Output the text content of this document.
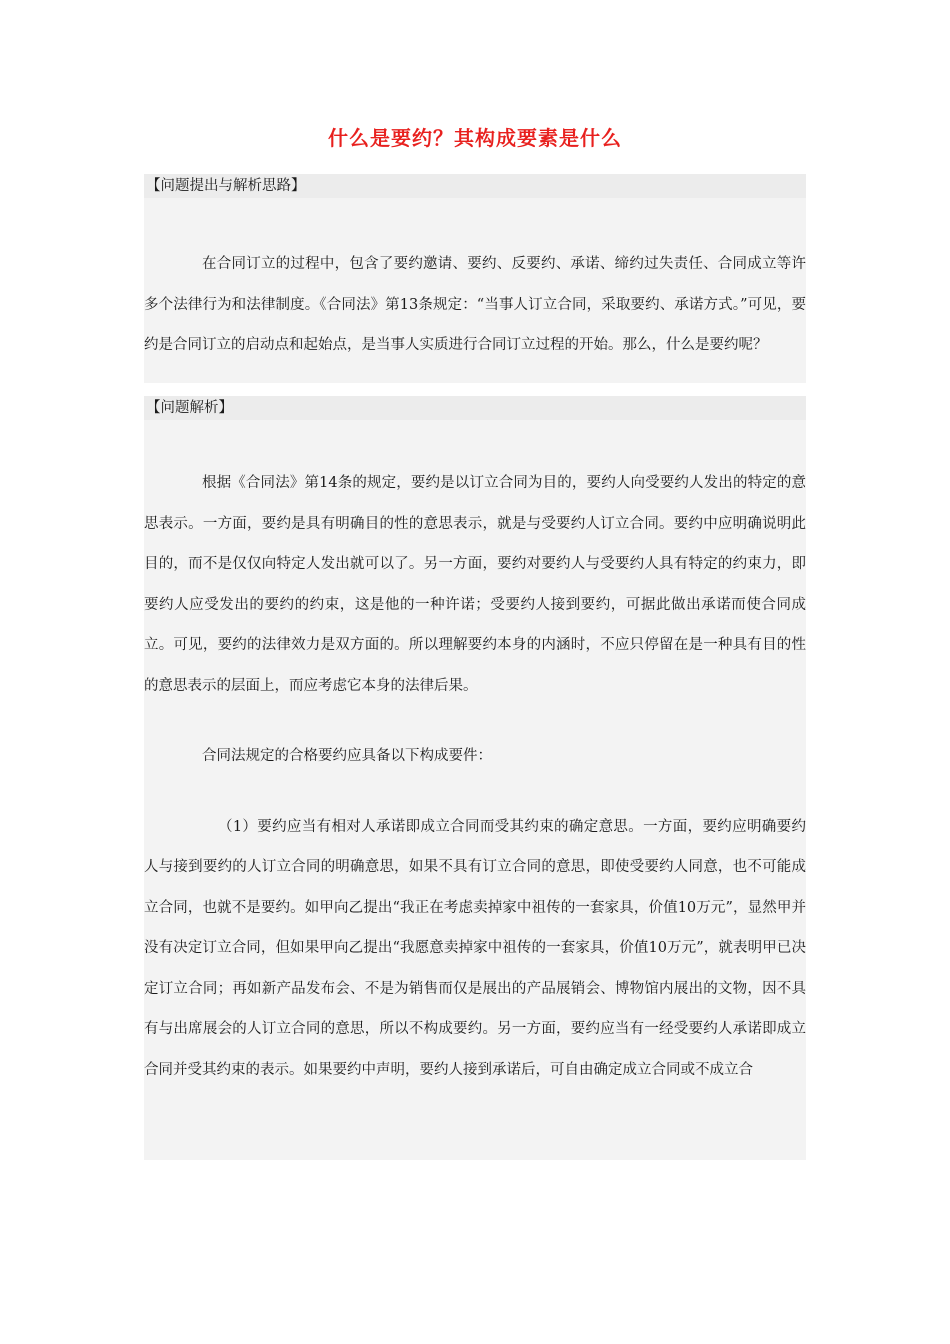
什么是要约？其构成要素是什么
【问题提出与解析思路】

在合同订立的过程中，包含了要约邀请、要约、反要约、承诺、缔约过失责任、合同成立等许多个法律行为和法律制度。《合同法》第13条规定：“当事人订立合同，采取要约、承诺方式。”可见，要约是合同订立的启动点和起始点，是当事人实质进行合同订立过程的开始。那么，什么是要约呢？

【问题解析】

根据《合同法》第14条的规定，要约是以订立合同为目的，要约人向受要约人发出的特定的意思表示。一方面，要约是具有明确目的性的意思表示，就是与受要约人订立合同。要约中应明确说明此目的，而不是仅仅向特定人发出就可以了。另一方面，要约对要约人与受要约人具有特定的约束力，即要约人应受发出的要约的约束，这是他的一种许诺；受要约人接到要约，可据此做出承诺而使合同成立。可见，要约的法律效力是双方面的。所以理解要约本身的内涵时，不应只停留在是一种具有目的性的意思表示的层面上，而应考虑它本身的法律后果。

合同法规定的合格要约应具备以下构成要件：

（1）要约应当有相对人承诺即成立合同而受其约束的确定意思。一方面，要约应明确要约人与接到要约的人订立合同的明确意思，如果不具有订立合同的意思，即使受要约人同意，也不可能成立合同，也就不是要约。如甲向乙提出“我正在考虑卖掉家中祖传的一套家具，价值10万元”，显然甲并没有决定订立合同，但如果甲向乙提出“我愿意卖掉家中祖传的一套家具，价值10万元”，就表明甲已决定订立合同；再如新产品发布会、不是为销售而仅是展出的产品展销会、博物馆内展出的文物，因不具有与出席展会的人订立合同的意思，所以不构成要约。另一方面，要约应当有一经受要约人承诺即成立合同并受其约束的表示。如果要约中声明，要约人接到承诺后，可自由确定成立合同或不成立合
